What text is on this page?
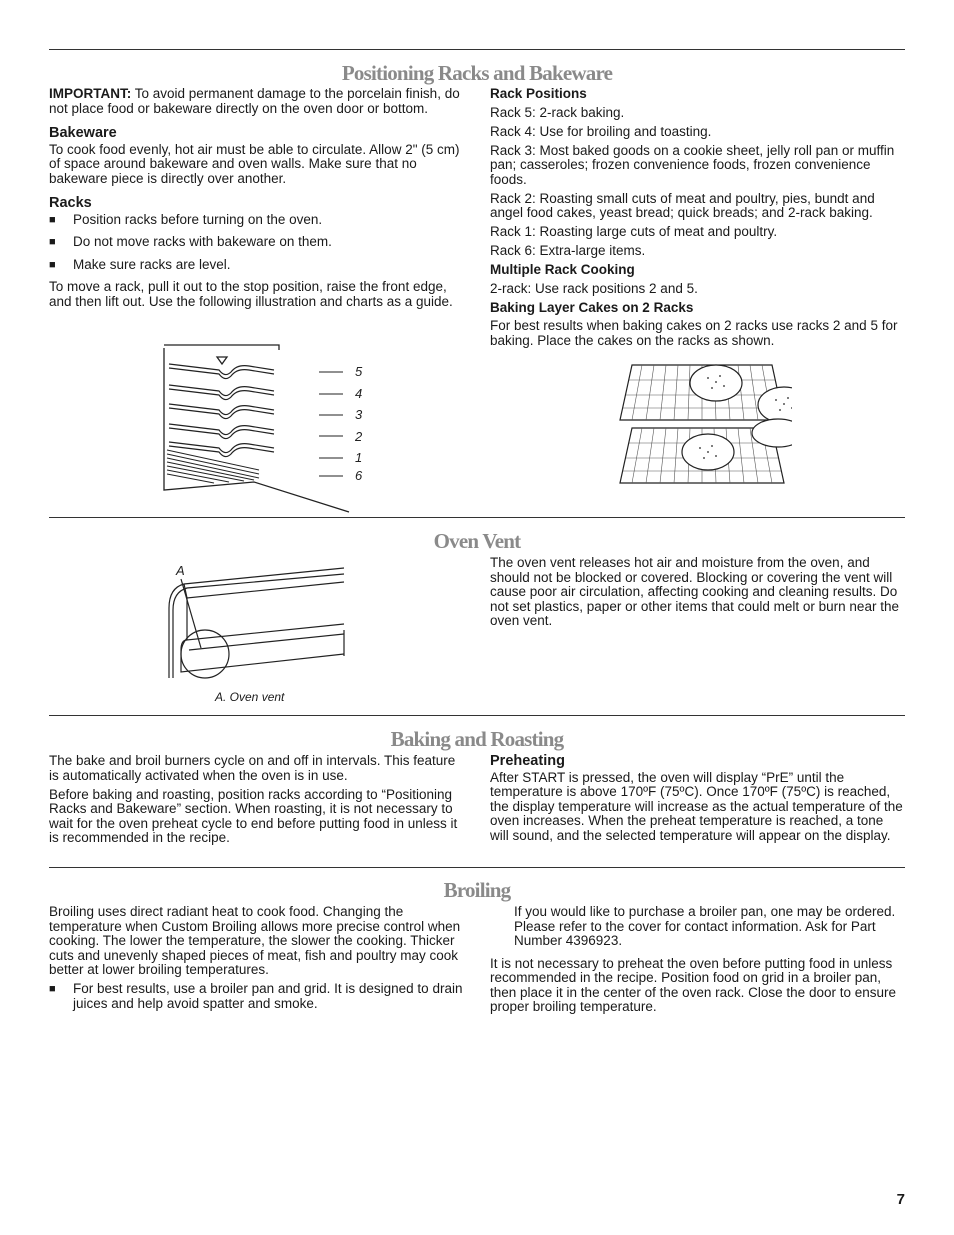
Positioning Racks and Bakeware

IMPORTANT: To avoid permanent damage to the porcelain finish, do not place food or bakeware directly on the oven door or bottom.

Bakeware

To cook food evenly, hot air must be able to circulate. Allow 2" (5 cm) of space around bakeware and oven walls. Make sure that no bakeware piece is directly over another.

Racks
■ Position racks before turning on the oven.
■ Do not move racks with bakeware on them.
■ Make sure racks are level.

To move a rack, pull it out to the stop position, raise the front edge, and then lift out. Use the following illustration and charts as a guide.

5
4
3
2
1
6
Rack Positions

Rack 5: 2-rack baking.

Rack 4: Use for broiling and toasting.

Rack 3: Most baked goods on a cookie sheet, jelly roll pan or muffin pan; casseroles; frozen convenience foods, frozen convenience foods.

Rack 2: Roasting small cuts of meat and poultry, pies, bundt and angel food cakes, yeast bread; quick breads; and 2-rack baking.

Rack 1: Roasting large cuts of meat and poultry.

Rack 6: Extra-large items.

Multiple Rack Cooking

2-rack: Use rack positions 2 and 5.

Baking Layer Cakes on 2 Racks

For best results when baking cakes on 2 racks use racks 2 and 5 for baking. Place the cakes on the racks as shown.

Oven Vent
A
A. Oven vent

The oven vent releases hot air and moisture from the oven, and should not be blocked or covered. Blocking or covering the vent will cause poor air circulation, affecting cooking and cleaning results. Do not set plastics, paper or other items that could melt or burn near the oven vent.

Baking and Roasting

The bake and broil burners cycle on and off in intervals. This feature is automatically activated when the oven is in use.

Before baking and roasting, position racks according to “Positioning Racks and Bakeware” section. When roasting, it is not necessary to wait for the oven preheat cycle to end before putting food in unless it is recommended in the recipe.

Preheating

After START is pressed, the oven will display “PrE” until the temperature is above 170ºF (75ºC). Once 170ºF (75ºC) is reached, the display temperature will increase as the actual temperature of the oven increases. When the preheat temperature is reached, a tone will sound, and the selected temperature will appear on the display.

Broiling

Broiling uses direct radiant heat to cook food. Changing the temperature when Custom Broiling allows more precise control when cooking. The lower the temperature, the slower the cooking. Thicker cuts and unevenly shaped pieces of meat, fish and poultry may cook better at lower broiling temperatures.

■ For best results, use a broiler pan and grid. It is designed to drain juices and help avoid spatter and smoke.

If you would like to purchase a broiler pan, one may be ordered. Please refer to the cover for contact information. Ask for Part Number 4396923.

It is not necessary to preheat the oven before putting food in unless recommended in the recipe. Position food on grid in a broiler pan, then place it in the center of the oven rack. Close the door to ensure proper broiling temperature.

7
